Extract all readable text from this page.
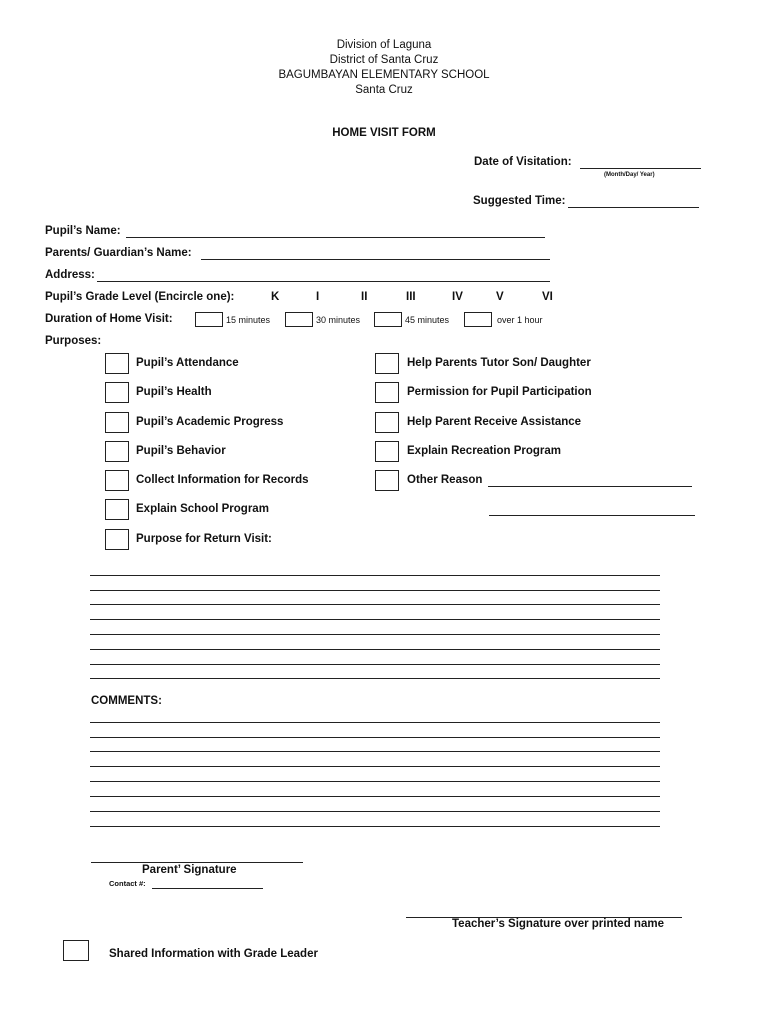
Division of Laguna
District of Santa Cruz
BAGUMBAYAN ELEMENTARY SCHOOL
Santa Cruz
HOME VISIT FORM
Date of Visitation:
(Month/Day/ Year)
Suggested Time:
Pupil’s Name:
Parents/ Guardian’s Name:
Address:
Pupil’s Grade Level (Encircle one):	K	I	II	III	IV	V	VI
Duration of Home Visit:	15 minutes	30 minutes	45 minutes	over 1 hour
Purposes:
Pupil’s Attendance
Pupil’s Health
Pupil’s Academic Progress
Pupil’s Behavior
Collect Information for Records
Explain School Program
Purpose for Return Visit:
Help Parents Tutor Son/ Daughter
Permission for Pupil Participation
Help Parent Receive Assistance
Explain Recreation Program
Other Reason
COMMENTS:
Parent’ Signature
Contact #:
Teacher’s Signature over printed name
Shared Information with Grade Leader
